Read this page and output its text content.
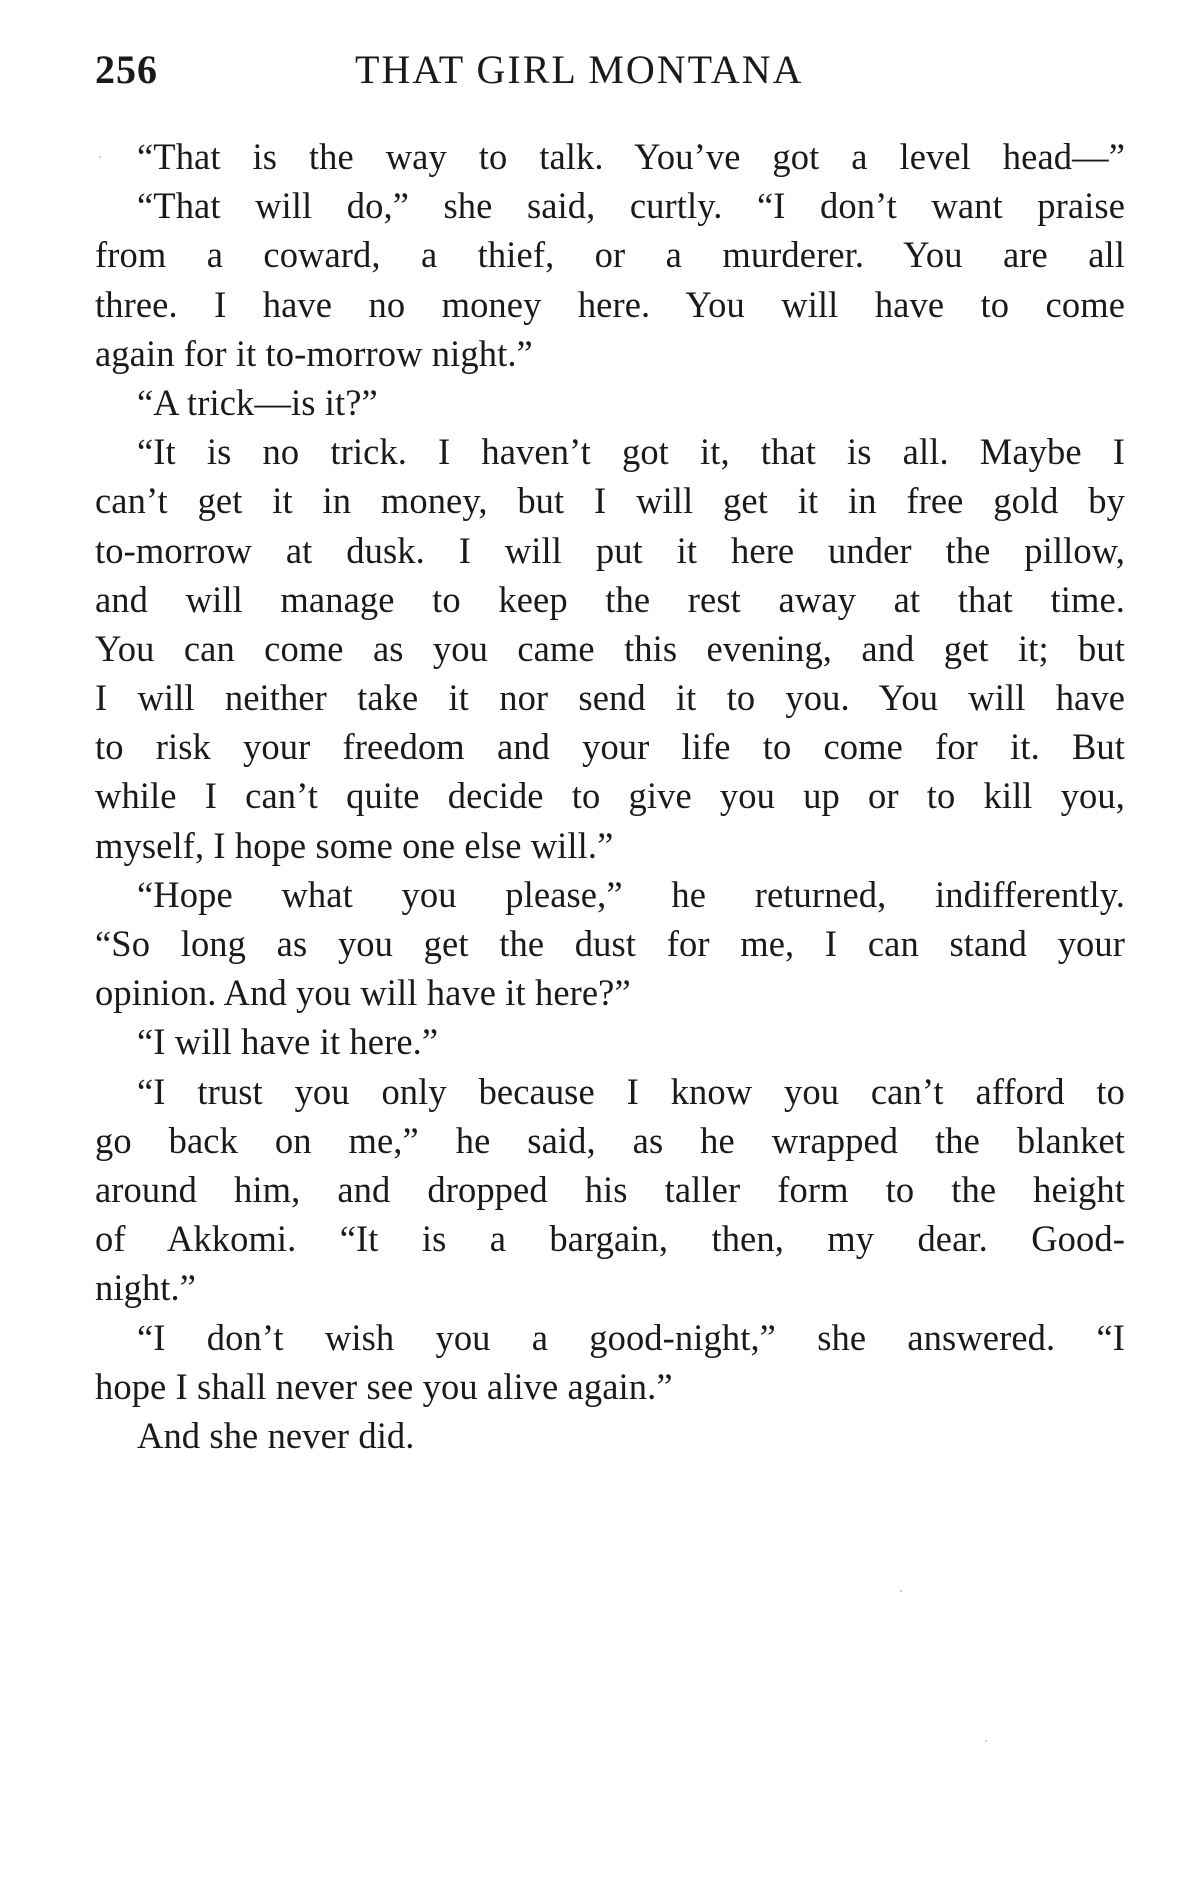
256	THAT GIRL MONTANA
“That is the way to talk. You’ve got a level head—”
“That will do,” she said, curtly. “I don’t want praise
from a coward, a thief, or a murderer. You are all
three. I have no money here. You will have to come
again for it to-morrow night.”
“A trick—is it?”
“It is no trick. I haven’t got it, that is all. Maybe I
can’t get it in money, but I will get it in free gold by
to-morrow at dusk. I will put it here under the pillow,
and will manage to keep the rest away at that time.
You can come as you came this evening, and get it; but
I will neither take it nor send it to you. You will have
to risk your freedom and your life to come for it. But
while I can’t quite decide to give you up or to kill you,
myself, I hope some one else will.”
“Hope what you please,” he returned, indifferently.
“So long as you get the dust for me, I can stand your
opinion. And you will have it here?”
“I will have it here.”
“I trust you only because I know you can’t afford to
go back on me,” he said, as he wrapped the blanket
around him, and dropped his taller form to the height
of Akkomi. “It is a bargain, then, my dear. Good-
night.”
“I don’t wish you a good-night,” she answered. “I
hope I shall never see you alive again.”
And she never did.
